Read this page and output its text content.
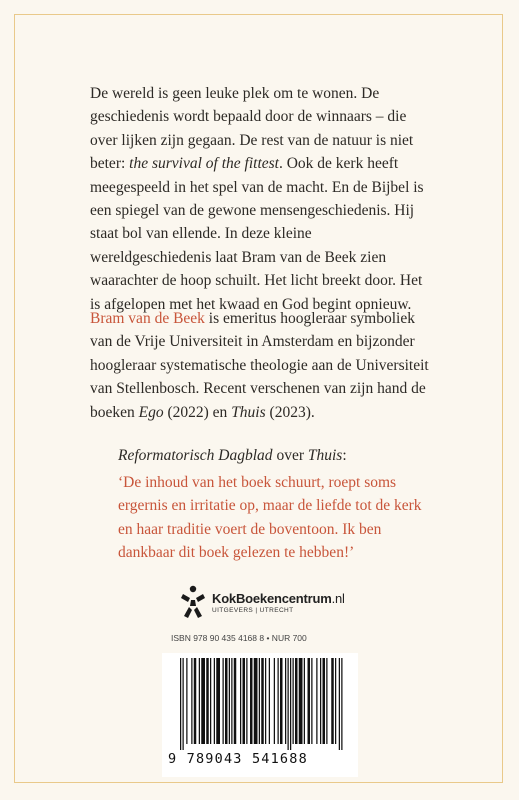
De wereld is geen leuke plek om te wonen. De geschiedenis wordt bepaald door de winnaars – die over lijken zijn gegaan. De rest van de natuur is niet beter: the survival of the fittest. Ook de kerk heeft meegespeeld in het spel van de macht. En de Bijbel is een spiegel van de gewone mensengeschiedenis. Hij staat bol van ellende. In deze kleine wereldgeschiedenis laat Bram van de Beek zien waarachter de hoop schuilt. Het licht breekt door. Het is afgelopen met het kwaad en God begint opnieuw.

Bram van de Beek is emeritus hoogleraar symboliek van de Vrije Universiteit in Amsterdam en bijzonder hoogleraar systematische theologie aan de Universiteit van Stellenbosch. Recent verschenen van zijn hand de boeken Ego (2022) en Thuis (2023).

Reformatorisch Dagblad over Thuis:
‘De inhoud van het boek schuurt, roept soms ergernis en irritatie op, maar de liefde tot de kerk en haar traditie voert de boventoon. Ik ben dankbaar dit boek gelezen te hebben!’
KokBoekencentrum.nl
UITGEVERS | UTRECHT
ISBN 978 90 435 4168 8 • NUR 700
9 789043 541688
